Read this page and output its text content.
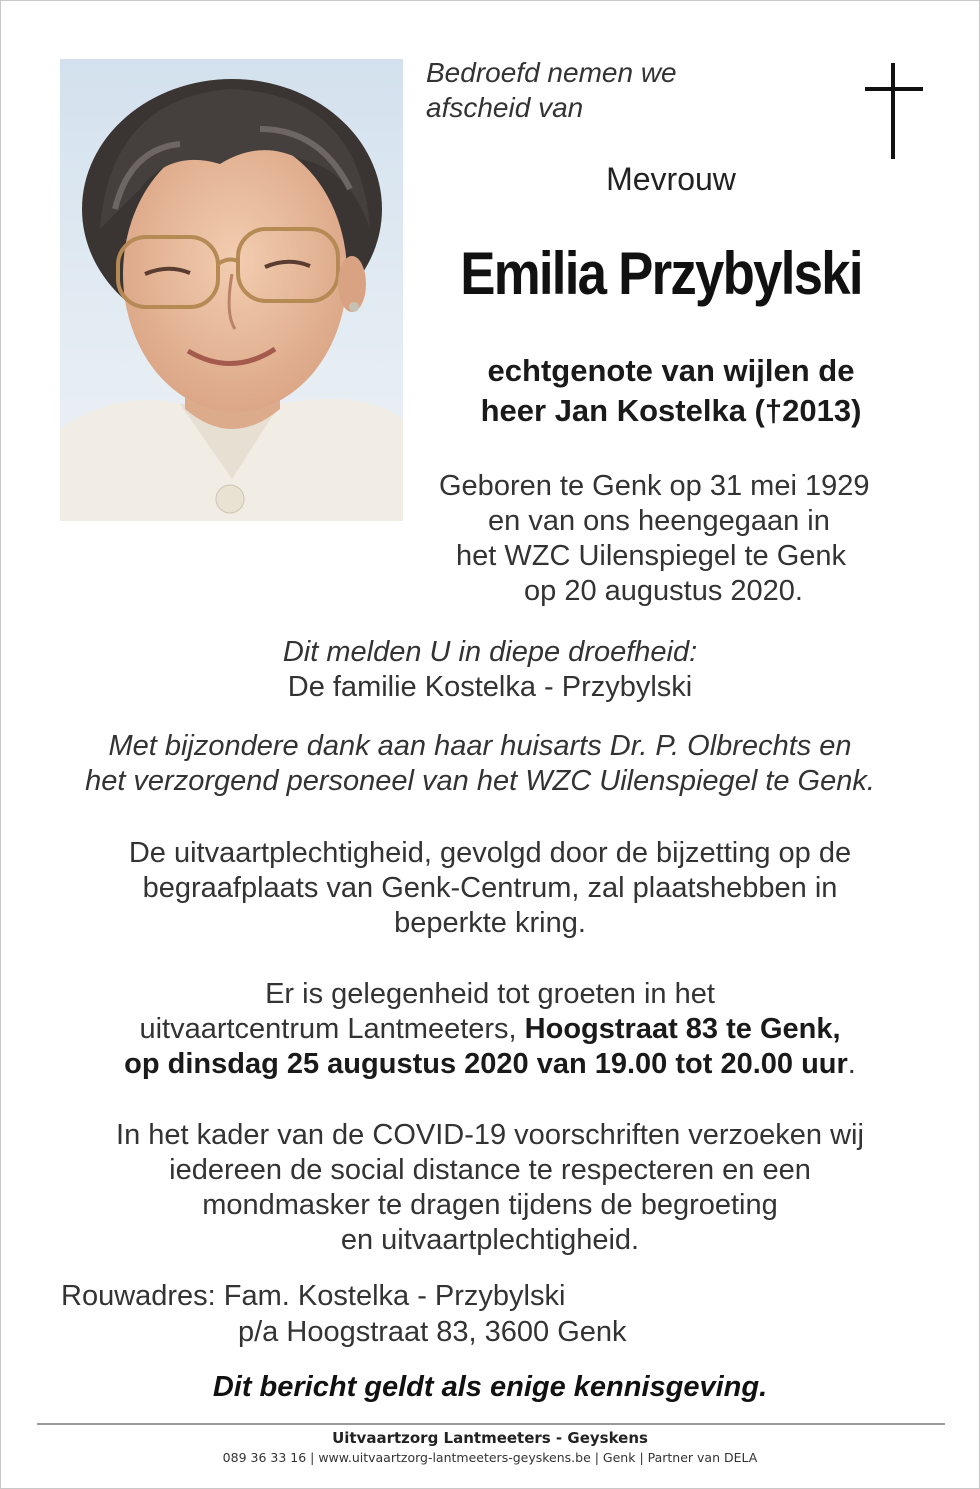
Bedroefd nemen we
afscheid van
Mevrouw
Emilia Przybylski
echtgenote van wijlen de
heer Jan Kostelka (†2013)
Geboren te Genk op 31 mei 1929
en van ons heengegaan in
het WZC Uilenspiegel te Genk
op 20 augustus 2020.
Dit melden U in diepe droefheid:
De familie Kostelka - Przybylski
Met bijzondere dank aan haar huisarts Dr. P. Olbrechts en
het verzorgend personeel van het WZC Uilenspiegel te Genk.
De uitvaartplechtigheid, gevolgd door de bijzetting op de
begraafplaats van Genk-Centrum, zal plaatshebben in
beperkte kring.
Er is gelegenheid tot groeten in het
uitvaartcentrum Lantmeeters, Hoogstraat 83 te Genk,
op dinsdag 25 augustus 2020 van 19.00 tot 20.00 uur.
In het kader van de COVID-19 voorschriften verzoeken wij
iedereen de social distance te respecteren en een
mondmasker te dragen tijdens de begroeting
en uitvaartplechtigheid.
Rouwadres: Fam. Kostelka - Przybylski
p/a Hoogstraat 83, 3600 Genk
Dit bericht geldt als enige kennisgeving.
Uitvaartzorg Lantmeeters - Geyskens
089 36 33 16 | www.uitvaartzorg-lantmeeters-geyskens.be | Genk | Partner van DELA
